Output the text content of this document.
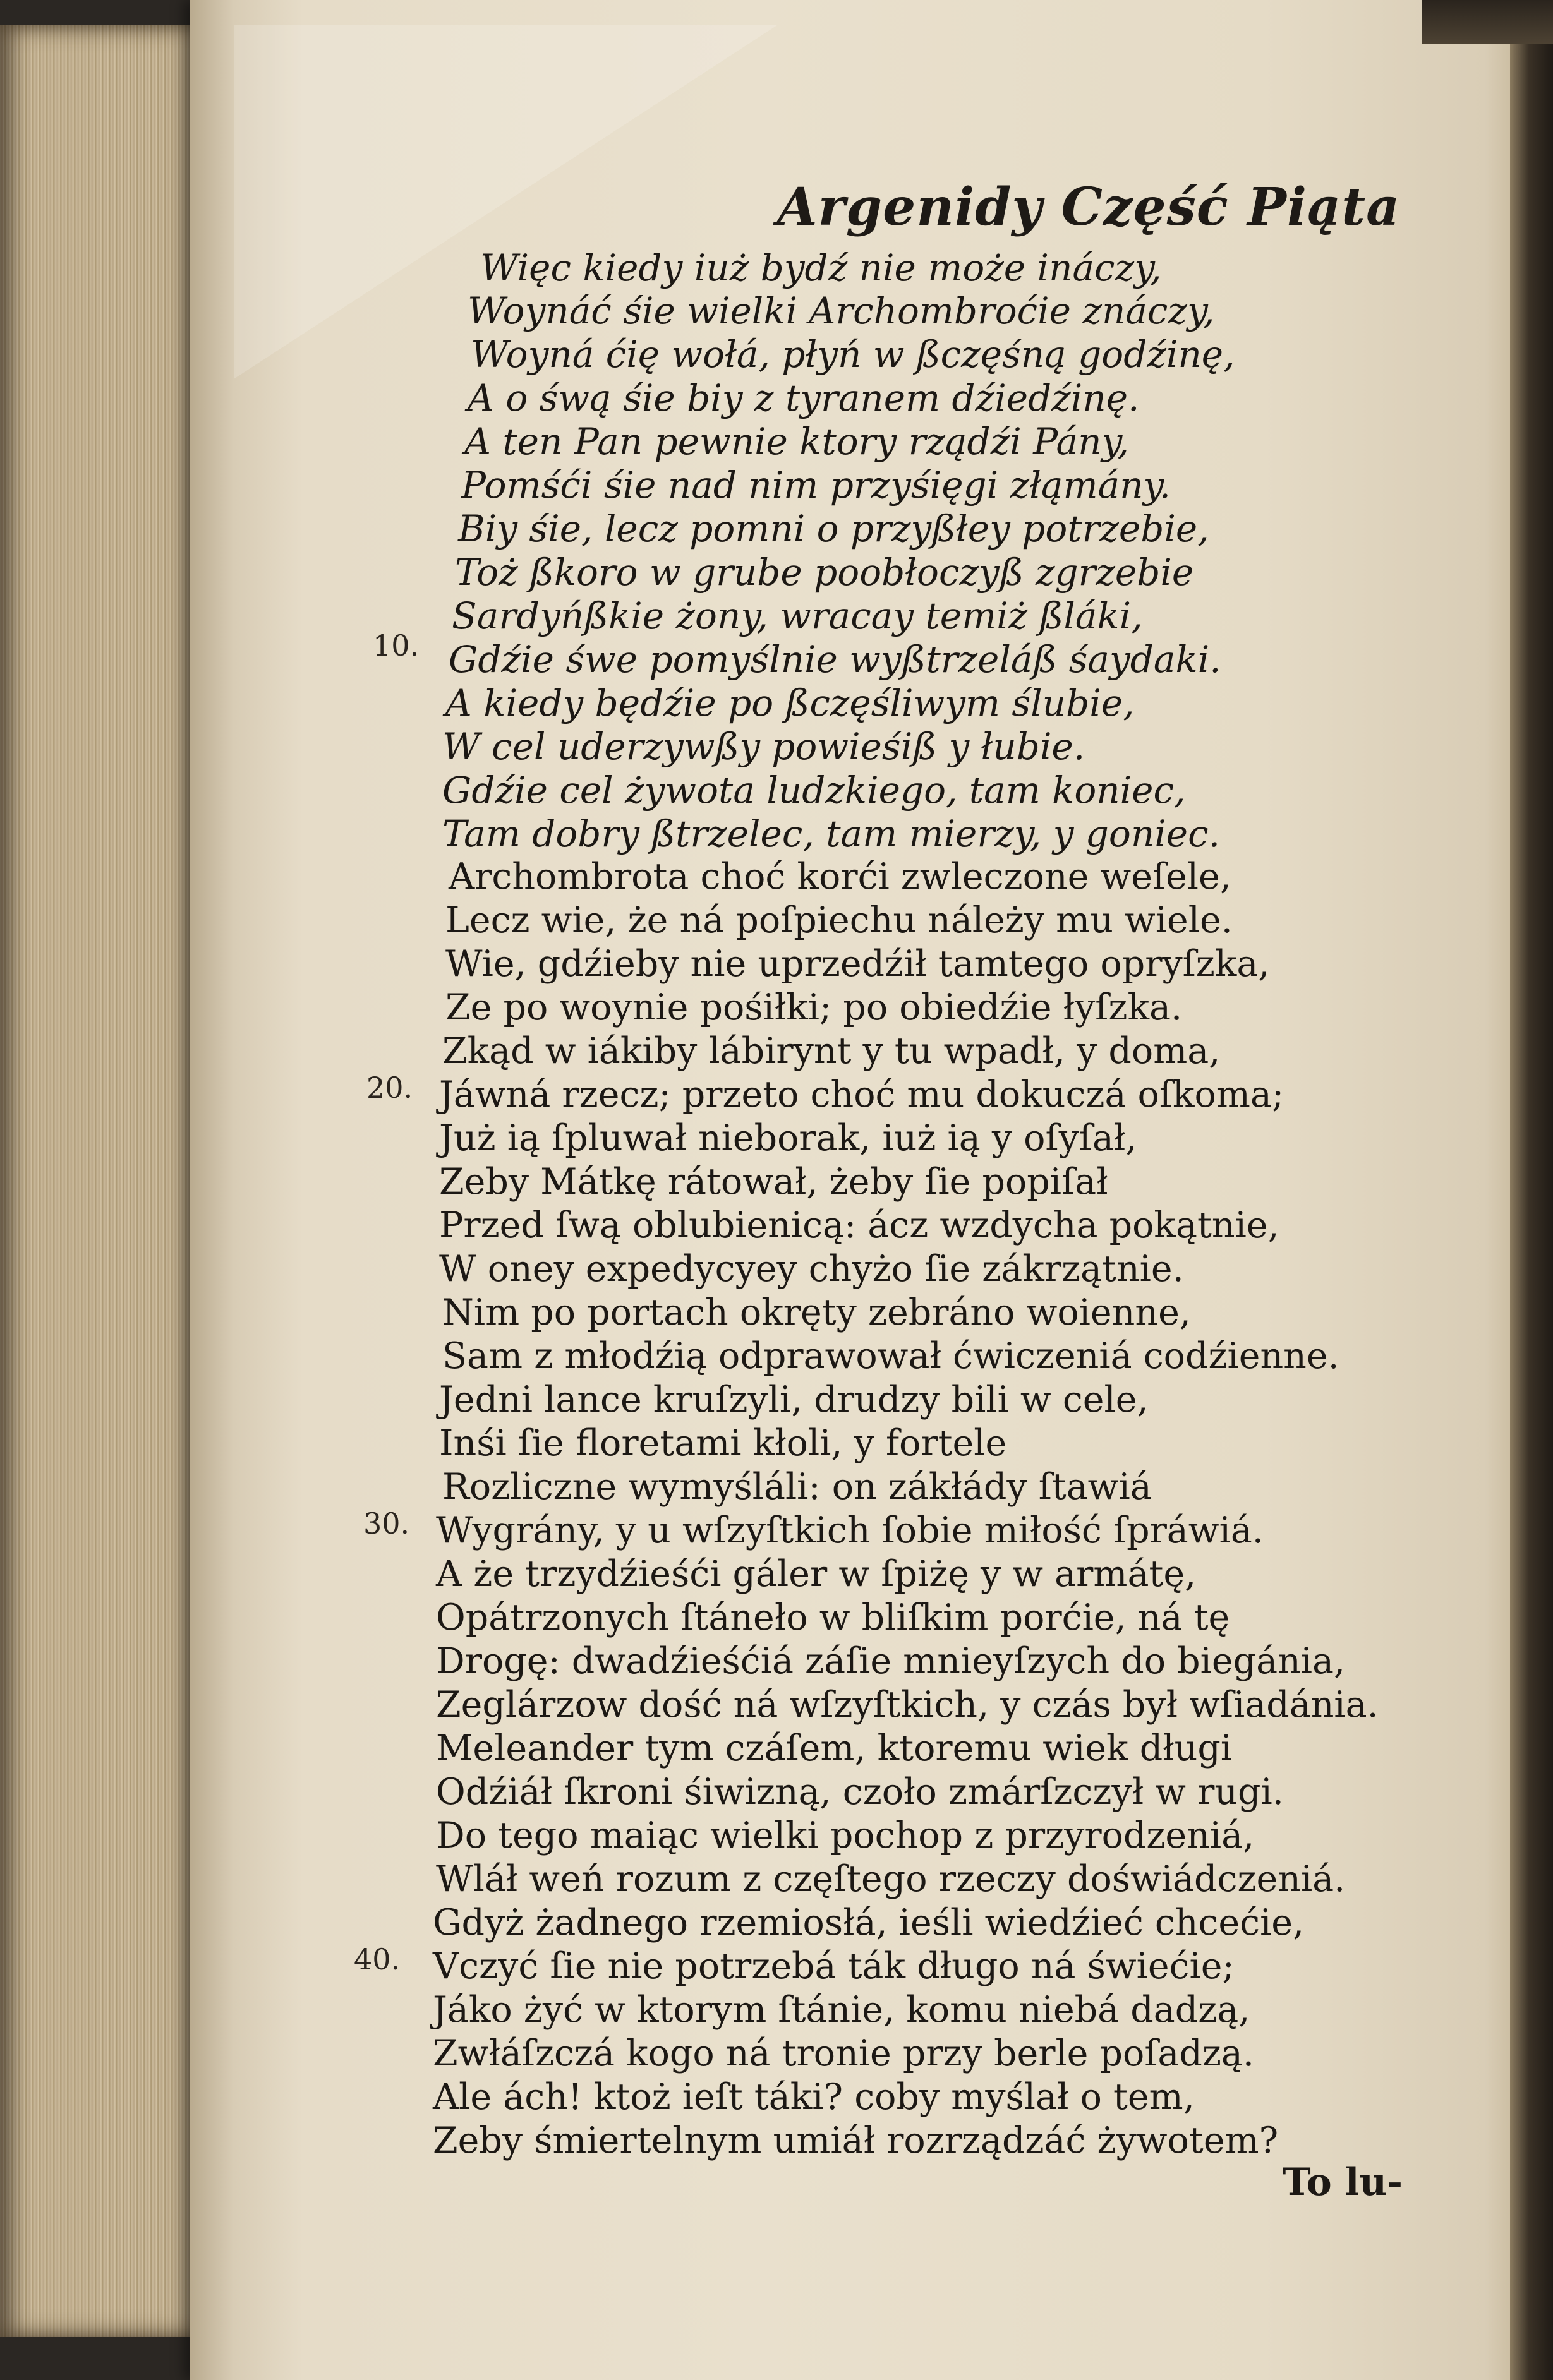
Argenidy Część Piąta
Więc kiedy iuż bydź nie może ináczy,
Woynáć śie wielki Archombroćie znáczy,
Woyná ćię wołá, płyń w ßczęśną godźinę,
A o śwą śie biy z tyranem dźiedźinę.
A ten Pan pewnie ktory rządźi Pány,
Pomśći śie nad nim przyśięgi złąmány.
Biy śie, lecz pomni o przyßłey potrzebie,
Toż ßkoro w grube poobłoczyß zgrzebie
Sardyńßkie żony, wracay temiż ßláki,
Gdźie śwe pomyślnie wyßtrzeláß śaydaki.
A kiedy będźie po ßczęśliwym ślubie,
W cel uderzywßy powieśiß y łubie.
Gdźie cel żywota ludzkiego, tam koniec,
Tam dobry ßtrzelec, tam mierzy, y goniec.
Archombrota choć korći zwleczone weſele,
Lecz wie, że ná poſpiechu náleży mu wiele.
Wie, gdźieby nie uprzedźił tamtego opryſzka,
Ze po woynie pośiłki; po obiedźie łyſzka.
Zkąd w iákiby lábirynt y tu wpadł, y doma,
Jáwná rzecz; przeto choć mu dokuczá oſkoma;
Już ią ſpluwał nieborak, iuż ią y oſyſał,
Zeby Mátkę rátował, żeby ſie popiſał
Przed ſwą oblubienicą: ácz wzdycha pokątnie,
W oney expedycyey chyżo ſie zákrzątnie.
Nim po portach okręty zebráno woienne,
Sam z młodźią odprawował ćwiczeniá codźienne.
Jedni lance kruſzyli, drudzy bili w cele,
Inśi ſie floretami kłoli, y fortele
Rozliczne wymyśláli: on zákłády ſtawiá
Wygrány, y u wſzyſtkich ſobie miłość ſpráwiá.
A że trzydźieśći gáler w ſpiżę y w armátę,
Opátrzonych ſtáneło w bliſkim porćie, ná tę
Drogę: dwadźieśćiá záſie mnieyſzych do biegánia,
Zeglárzow dość ná wſzyſtkich, y czás był wſiadánia.
Meleander tym czáſem, ktoremu wiek długi
Odźiáł ſkroni śiwizną, czoło zmárſzczył w rugi.
Do tego maiąc wielki pochop z przyrodzeniá,
Wláł weń rozum z częſtego rzeczy doświádczeniá.
Gdyż żadnego rzemiosłá, ieśli wiedźieć chcećie,
Vczyć ſie nie potrzebá ták długo ná świećie;
Jáko żyć w ktorym ſtánie, komu niebá dadzą,
Zwłáſzczá kogo ná tronie przy berle poſadzą.
Ale ách! ktoż ieſt táki? coby myślał o tem,
Zeby śmiertelnym umiáł rozrządzáć żywotem?
10.
20.
30.
40.
To lu-
